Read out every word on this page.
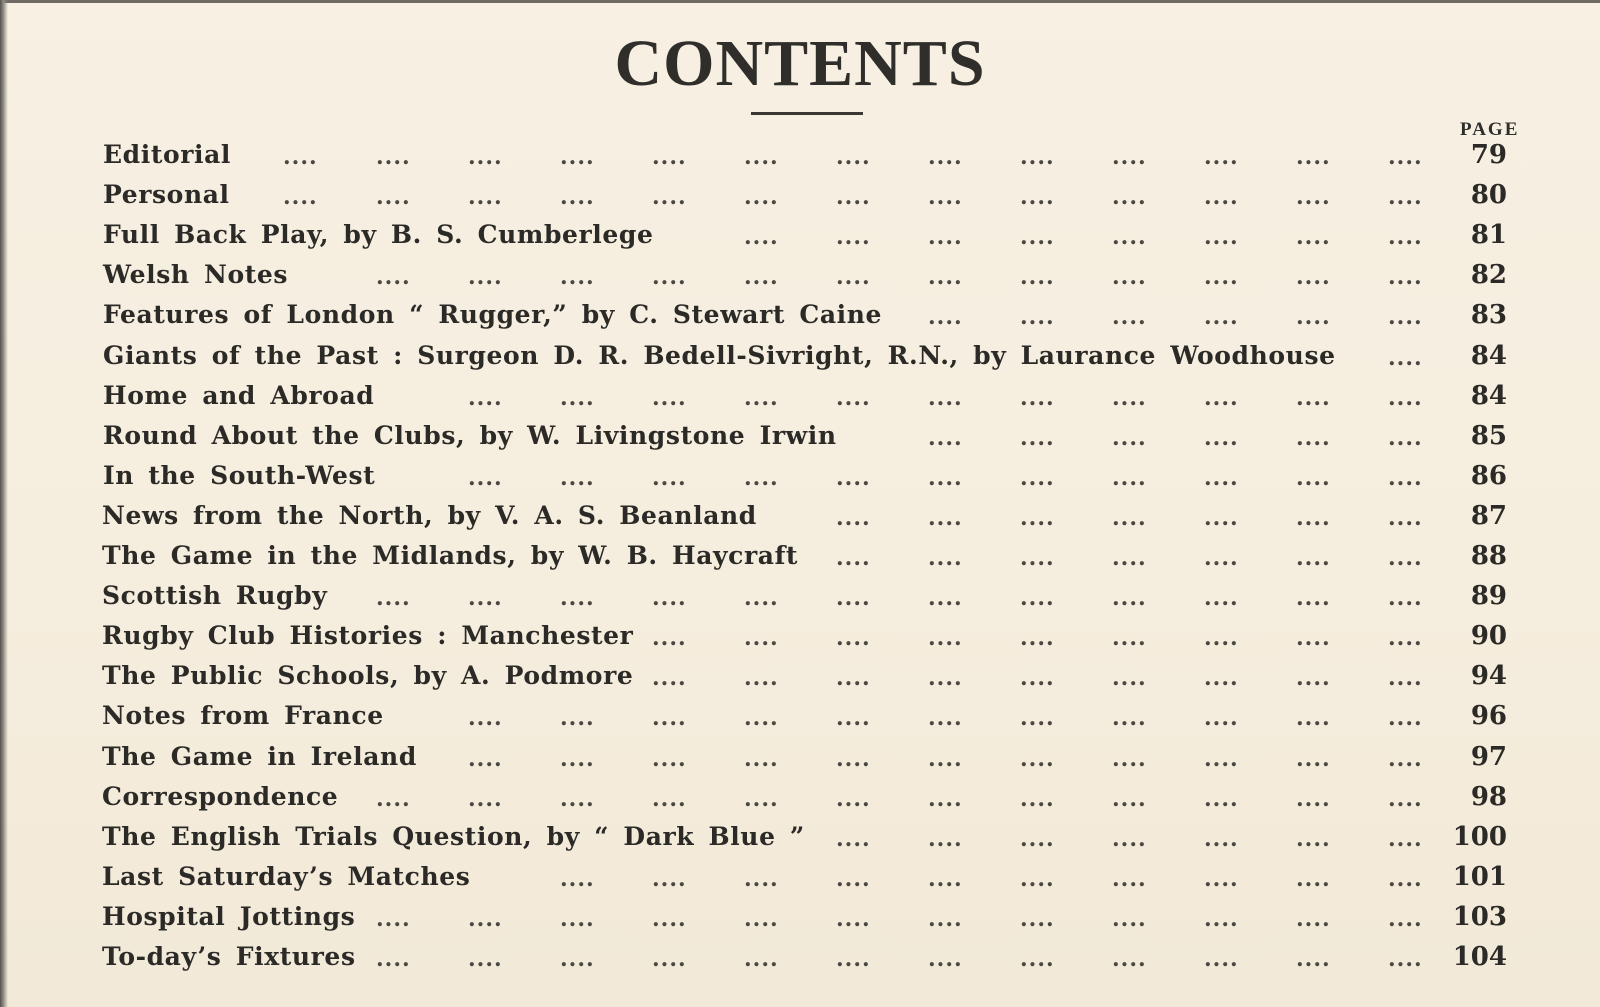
CONTENTS
PAGE
Editorial	79
....	....	....	....	....	....	....	....	....	....	....	....	....
Personal	80
....	....	....	....	....	....	....	....	....	....	....	....	....
Full Back Play, by B. S. Cumberlege	81
....	....	....	....	....	....	....	....
Welsh Notes	82
....	....	....	....	....	....	....	....	....	....	....	....
Features of London “ Rugger,” by C. Stewart Caine	83
....	....	....	....	....	....
Giants of the Past : Surgeon D. R. Bedell-Sivright, R.N., by Laurance Woodhouse	84
....
Home and Abroad	84
....	....	....	....	....	....	....	....	....	....	....
Round About the Clubs, by W. Livingstone Irwin	85
....	....	....	....	....	....
In the South-West	86
....	....	....	....	....	....	....	....	....	....	....
News from the North, by V. A. S. Beanland	87
....	....	....	....	....	....	....
The Game in the Midlands, by W. B. Haycraft	88
....	....	....	....	....	....	....
Scottish Rugby	89
....	....	....	....	....	....	....	....	....	....	....	....
Rugby Club Histories : Manchester	90
....	....	....	....	....	....	....	....	....
The Public Schools, by A. Podmore	94
....	....	....	....	....	....	....	....	....
Notes from France	96
....	....	....	....	....	....	....	....	....	....	....
The Game in Ireland	97
....	....	....	....	....	....	....	....	....	....	....
Correspondence	98
....	....	....	....	....	....	....	....	....	....	....	....
The English Trials Question, by “ Dark Blue ”	100
....	....	....	....	....	....	....
Last Saturday’s Matches	101
....	....	....	....	....	....	....	....	....	....
Hospital Jottings	103
....	....	....	....	....	....	....	....	....	....	....	....
To-day’s Fixtures	104
....	....	....	....	....	....	....	....	....	....	....	....
